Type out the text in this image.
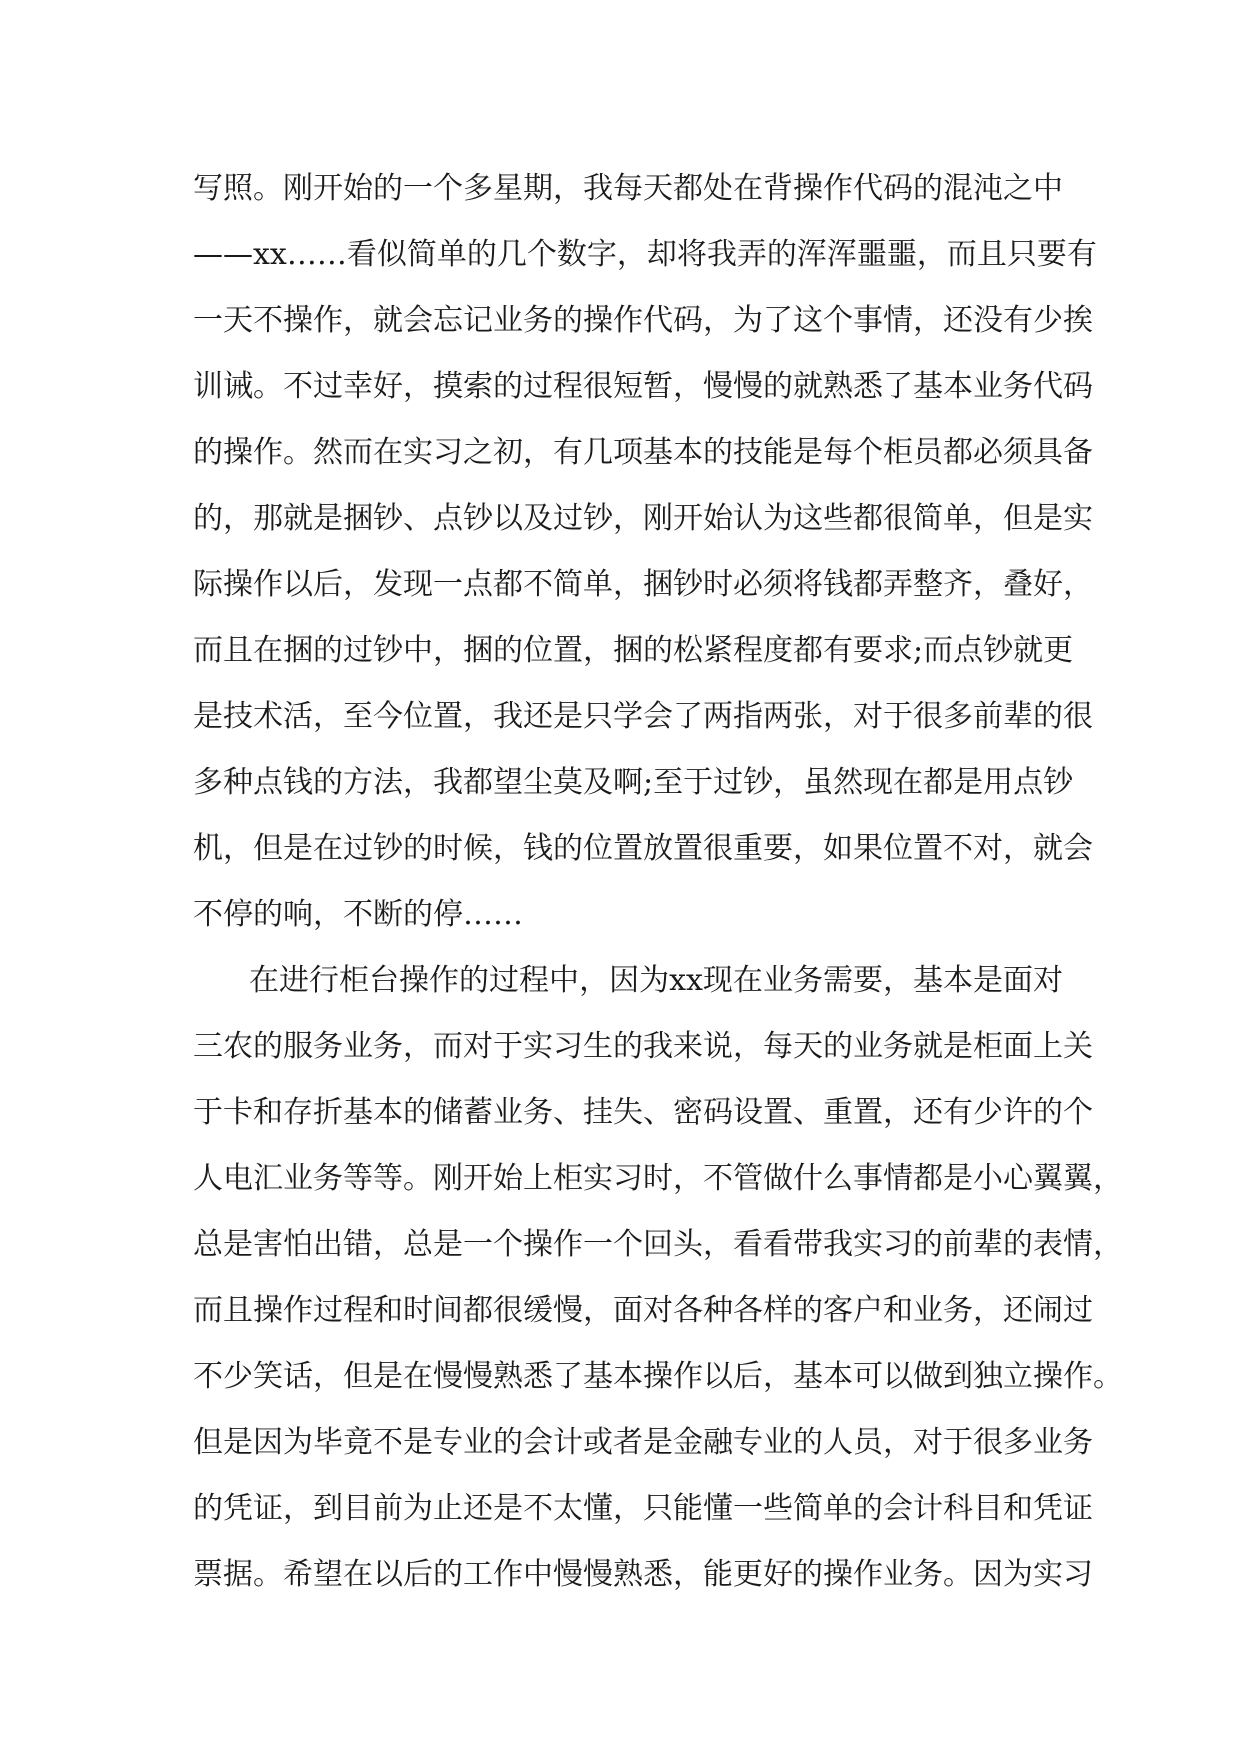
写照。刚开始的一个多星期，我每天都处在背操作代码的混沌之中
——xx……看似简单的几个数字，却将我弄的浑浑噩噩，而且只要有
一天不操作，就会忘记业务的操作代码，为了这个事情，还没有少挨
训诫。不过幸好，摸索的过程很短暂，慢慢的就熟悉了基本业务代码
的操作。然而在实习之初，有几项基本的技能是每个柜员都必须具备
的，那就是捆钞、点钞以及过钞，刚开始认为这些都很简单，但是实
际操作以后，发现一点都不简单，捆钞时必须将钱都弄整齐，叠好，
而且在捆的过钞中，捆的位置，捆的松紧程度都有要求;而点钞就更
是技术活，至今位置，我还是只学会了两指两张，对于很多前辈的很
多种点钱的方法，我都望尘莫及啊;至于过钞，虽然现在都是用点钞
机，但是在过钞的时候，钱的位置放置很重要，如果位置不对，就会
不停的响，不断的停……
在进行柜台操作的过程中，因为xx现在业务需要，基本是面对
三农的服务业务，而对于实习生的我来说，每天的业务就是柜面上关
于卡和存折基本的储蓄业务、挂失、密码设置、重置，还有少许的个
人电汇业务等等。刚开始上柜实习时，不管做什么事情都是小心翼翼，
总是害怕出错，总是一个操作一个回头，看看带我实习的前辈的表情，
而且操作过程和时间都很缓慢，面对各种各样的客户和业务，还闹过
不少笑话，但是在慢慢熟悉了基本操作以后，基本可以做到独立操作。
但是因为毕竟不是专业的会计或者是金融专业的人员，对于很多业务
的凭证，到目前为止还是不太懂，只能懂一些简单的会计科目和凭证
票据。希望在以后的工作中慢慢熟悉，能更好的操作业务。因为实习
